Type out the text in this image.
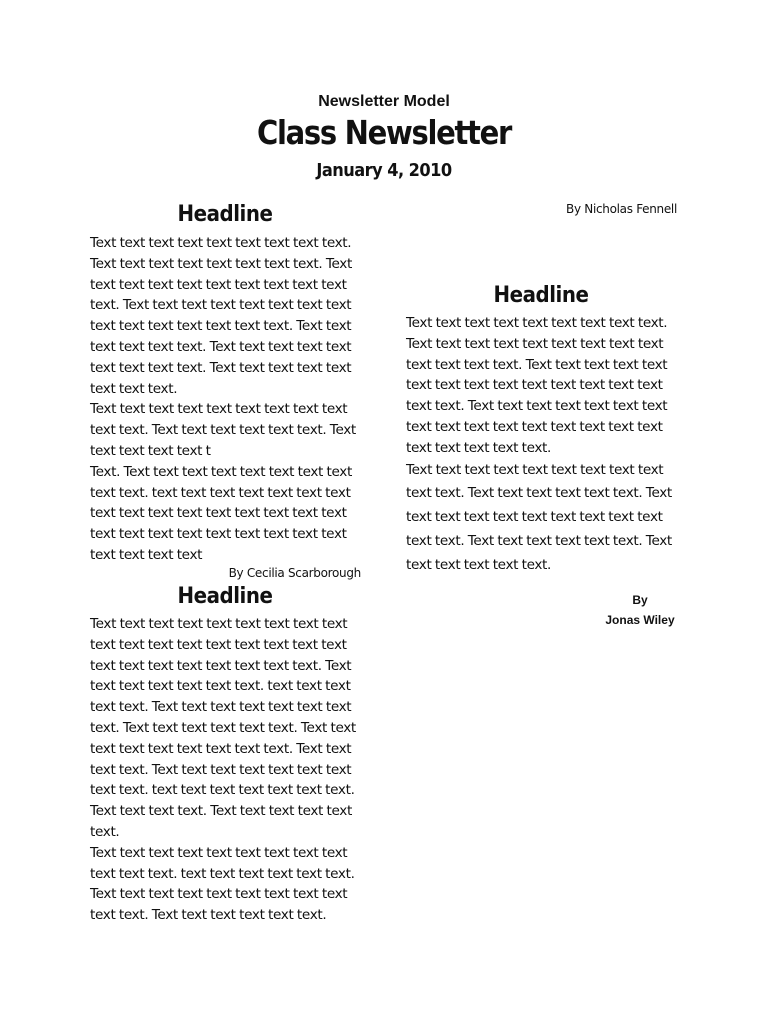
Newsletter Model
Class Newsletter
January 4, 2010
Headline

Text text text text text text text text text. Text text text text text text text text. Text text text text text text text text text text text. Text text text text text text text text text text text text text text text. Text text text text text text. Text text text text text text text text text. Text text text text text text text text.

Text text text text text text text text text text text. Text text text text text text. Text text text text text t

Text. Text text text text text text text text text text. text text text text text text text text text text text text text text text text text text text text text text text text text text text text text

By Cecilia Scarborough
Headline

Text text text text text text text text text text text text text text text text text text text text text text text text text text. Text text text text text text text. text text text text text. Text text text text text text text text. Text text text text text text. Text text text text text text text text text. Text text text text. Text text text text text text text text text. text text text text text text text. Text text text text. Text text text text text text.

Text text text text text text text text text text text text. text text text text text text. Text text text text text text text text text text text. Text text text text text text.

By Nicholas Fennell
Headline

Text text text text text text text text text. Text text text text text text text text text text text text text. Text text text text text text text text text text text text text text text text. Text text text text text text text text text text text text text text text text text text text text text.

Text text text text text text text text text text text. Text text text text text text. Text text text text text text text text text text text text. Text text text text text text. Text text text text text text.

By
Jonas Wiley
